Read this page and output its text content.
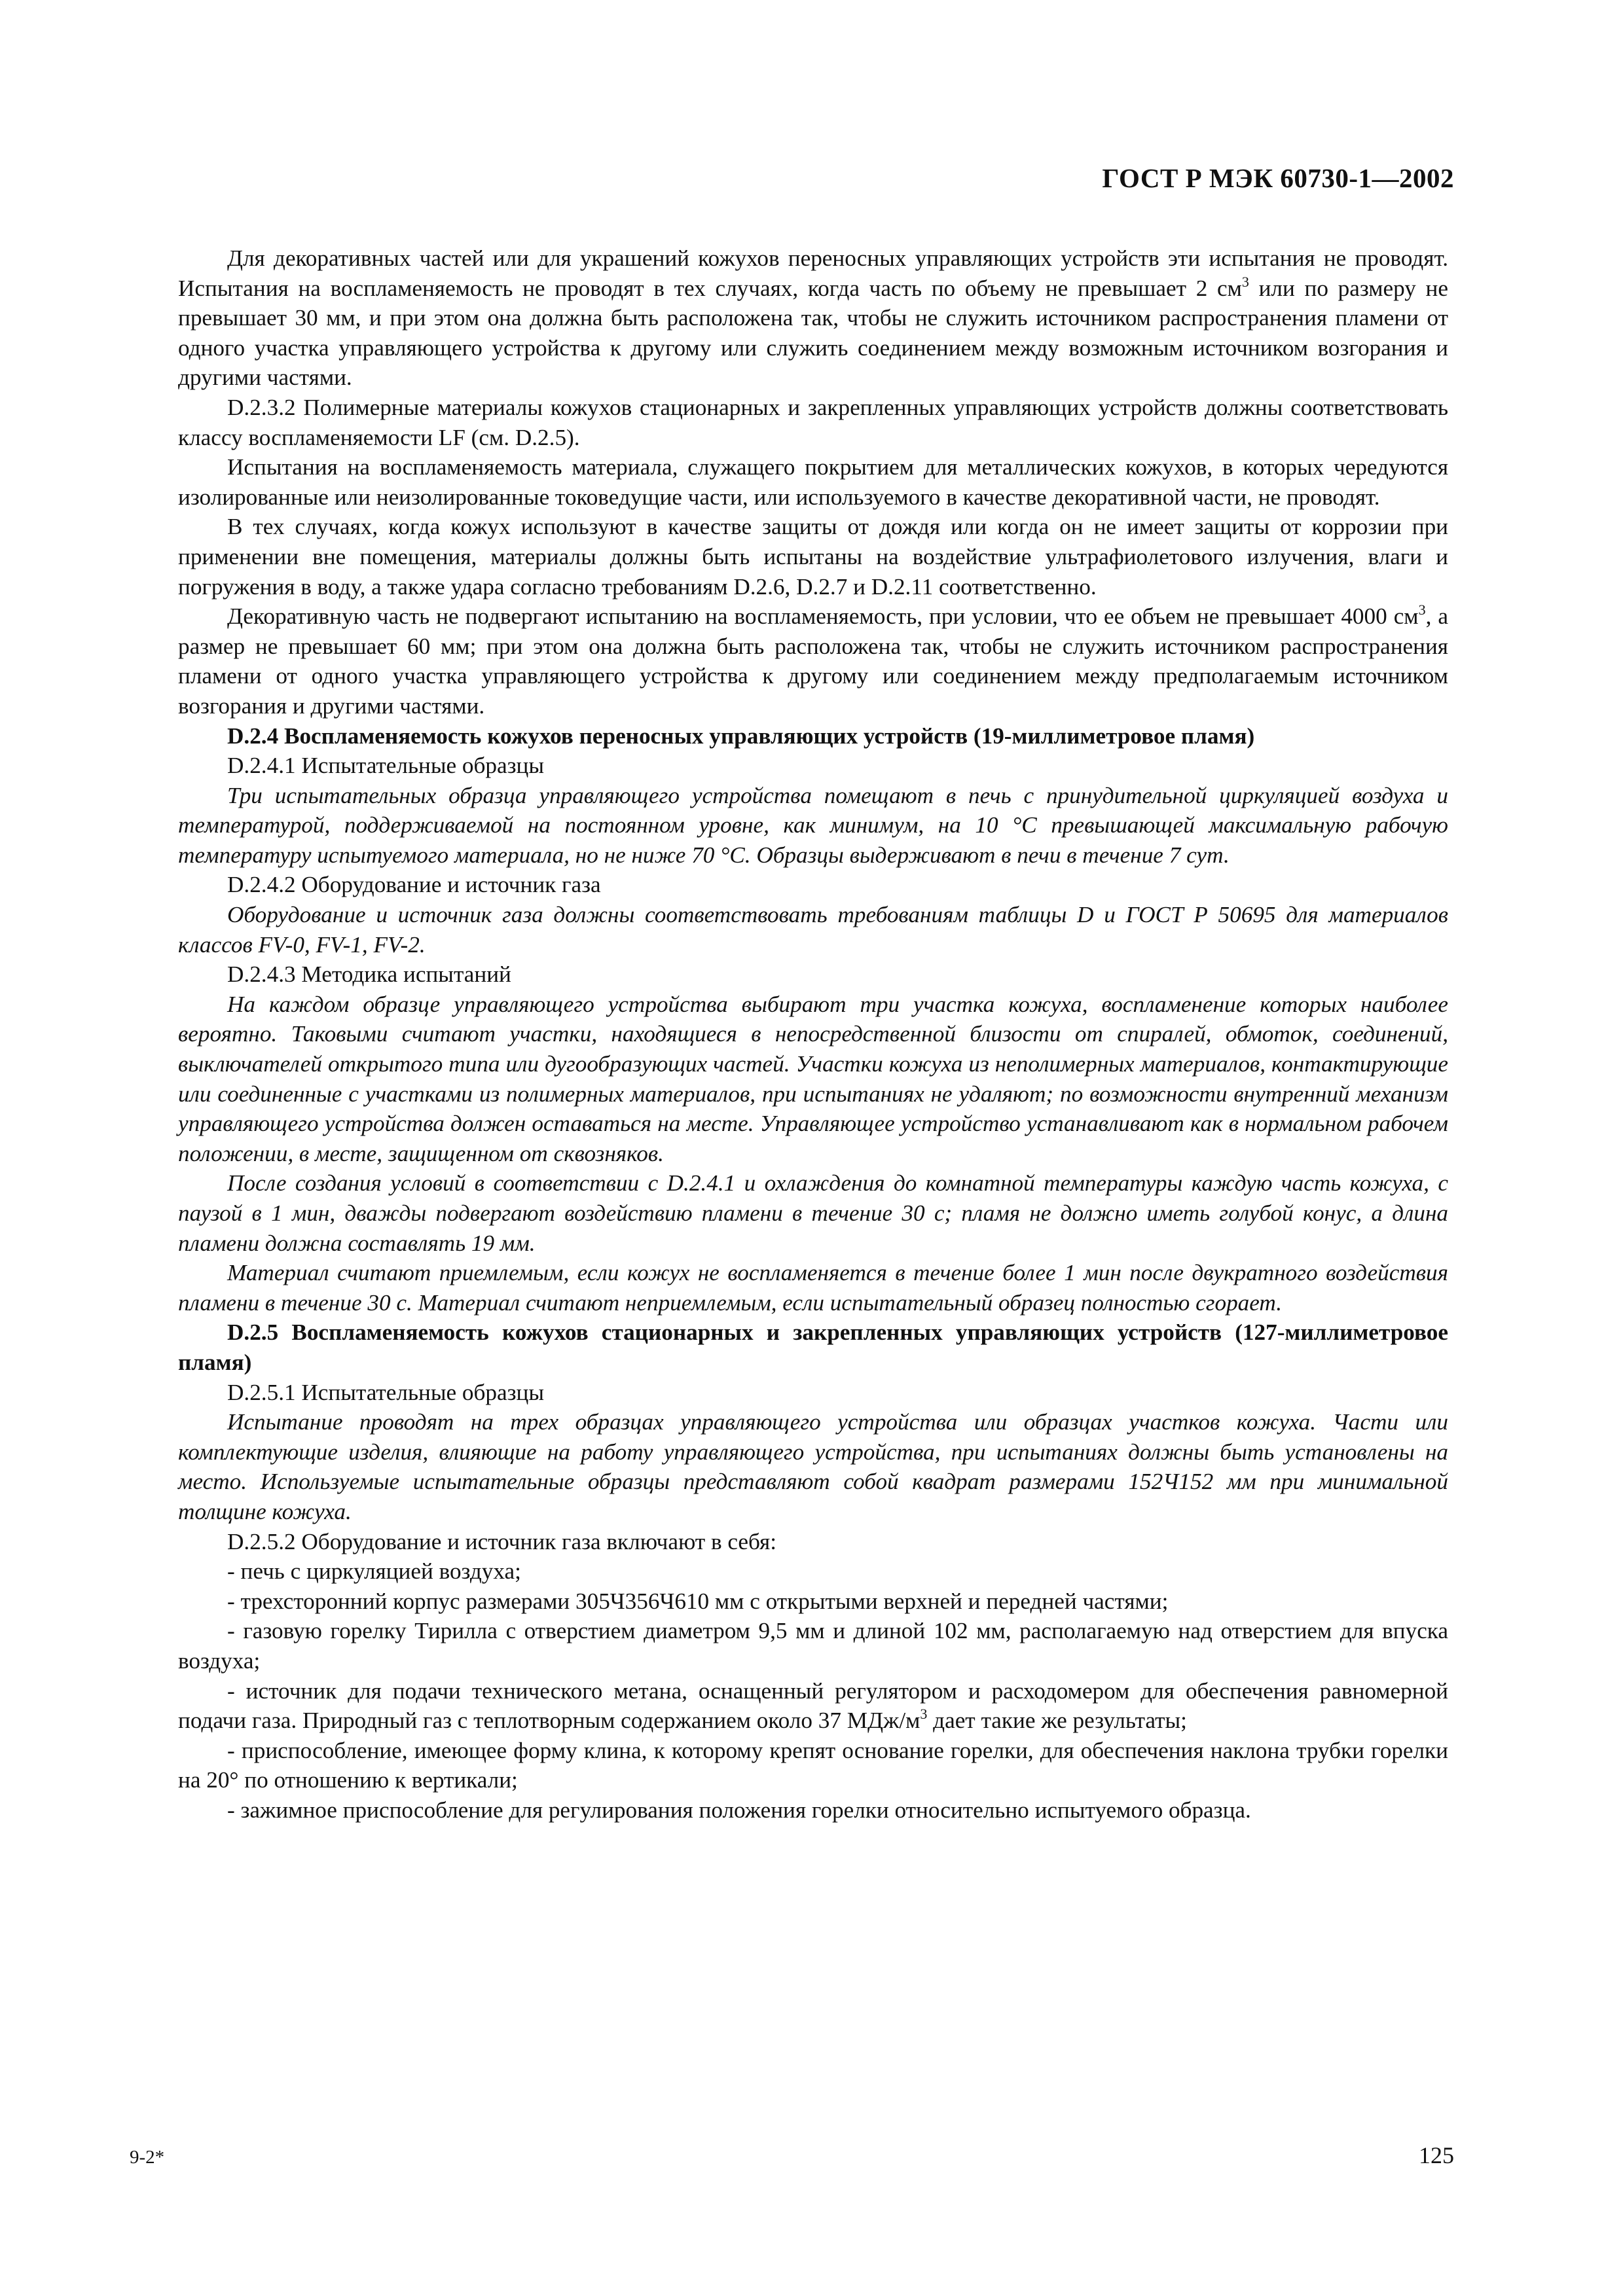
ГОСТ Р МЭК 60730-1—2002

Для декоративных частей или для украшений кожухов переносных управляющих устройств эти испытания не проводят. Испытания на воспламеняемость не проводят в тех случаях, когда часть по объему не превышает 2 $см^3$ или по размеру не превышает 30 мм, и при этом она должна быть расположена так, чтобы не служить источником распространения пламени от одного участка управляющего устройства к другому или служить соединением между возможным источником возгорания и другими частями.

D.2.3.2 Полимерные материалы кожухов стационарных и закрепленных управляющих устройств должны соответствовать классу воспламеняемости LF (см. D.2.5).

Испытания на воспламеняемость материала, служащего покрытием для металлических кожухов, в которых чередуются изолированные или неизолированные токоведущие части, или используемого в качестве декоративной части, не проводят.

В тех случаях, когда кожух используют в качестве защиты от дождя или когда он не имеет защиты от коррозии при применении вне помещения, материалы должны быть испытаны на воздействие ультрафиолетового излучения, влаги и погружения в воду, а также удара согласно требованиям D.2.6, D.2.7 и D.2.11 соответственно.

Декоративную часть не подвергают испытанию на воспламеняемость, при условии, что ее объем не превышает 4000 $см^3$, а размер не превышает 60 мм; при этом она должна быть расположена так, чтобы не служить источником распространения пламени от одного участка управляющего устройства к другому или соединением между предполагаемым источником возгорания и другими частями.

D.2.4 Воспламеняемость кожухов переносных управляющих устройств (19-миллиметровое пламя)

D.2.4.1 Испытательные образцы

Три испытательных образца управляющего устройства помещают в печь с принудительной циркуляцией воздуха и температурой, поддерживаемой на постоянном уровне, как минимум, на 10 °С превышающей максимальную рабочую температуру испытуемого материала, но не ниже 70 °С. Образцы выдерживают в печи в течение 7 сут.

D.2.4.2 Оборудование и источник газа

Оборудование и источник газа должны соответствовать требованиям таблицы D и ГОСТ Р 50695 для материалов классов FV-0, FV-1, FV-2.

D.2.4.3 Методика испытаний

На каждом образце управляющего устройства выбирают три участка кожуха, воспламенение которых наиболее вероятно. Таковыми считают участки, находящиеся в непосредственной близости от спиралей, обмоток, соединений, выключателей открытого типа или дугообразующих частей. Участки кожуха из неполимерных материалов, контактирующие или соединенные с участками из полимерных материалов, при испытаниях не удаляют; по возможности внутренний механизм управляющего устройства должен оставаться на месте. Управляющее устройство устанавливают как в нормальном рабочем положении, в месте, защищенном от сквозняков.

После создания условий в соответствии с D.2.4.1 и охлаждения до комнатной температуры каждую часть кожуха, с паузой в 1 мин, дважды подвергают воздействию пламени в течение 30 с; пламя не должно иметь голубой конус, а длина пламени должна составлять 19 мм.

Материал считают приемлемым, если кожух не воспламеняется в течение более 1 мин после двукратного воздействия пламени в течение 30 с. Материал считают неприемлемым, если испытательный образец полностью сгорает.

D.2.5 Воспламеняемость кожухов стационарных и закрепленных управляющих устройств (127-миллиметровое пламя)

D.2.5.1 Испытательные образцы

Испытание проводят на трех образцах управляющего устройства или образцах участков кожуха. Части или комплектующие изделия, влияющие на работу управляющего устройства, при испытаниях должны быть установлены на место. Используемые испытательные образцы представляют собой квадрат размерами 152Ч152 мм при минимальной толщине кожуха.

D.2.5.2 Оборудование и источник газа включают в себя:

- печь с циркуляцией воздуха;

- трехсторонний корпус размерами 305Ч356Ч610 мм с открытыми верхней и передней частями;

- газовую горелку Тирилла с отверстием диаметром 9,5 мм и длиной 102 мм, располагаемую над отверстием для впуска воздуха;

- источник для подачи технического метана, оснащенный регулятором и расходомером для обеспечения равномерной подачи газа. Природный газ с теплотворным содержанием около 37 МДж/$м^3$ дает такие же результаты;

- приспособление, имеющее форму клина, к которому крепят основание горелки, для обеспечения наклона трубки горелки на 20° по отношению к вертикали;

- зажимное приспособление для регулирования положения горелки относительно испытуемого образца.

9-2*	125
